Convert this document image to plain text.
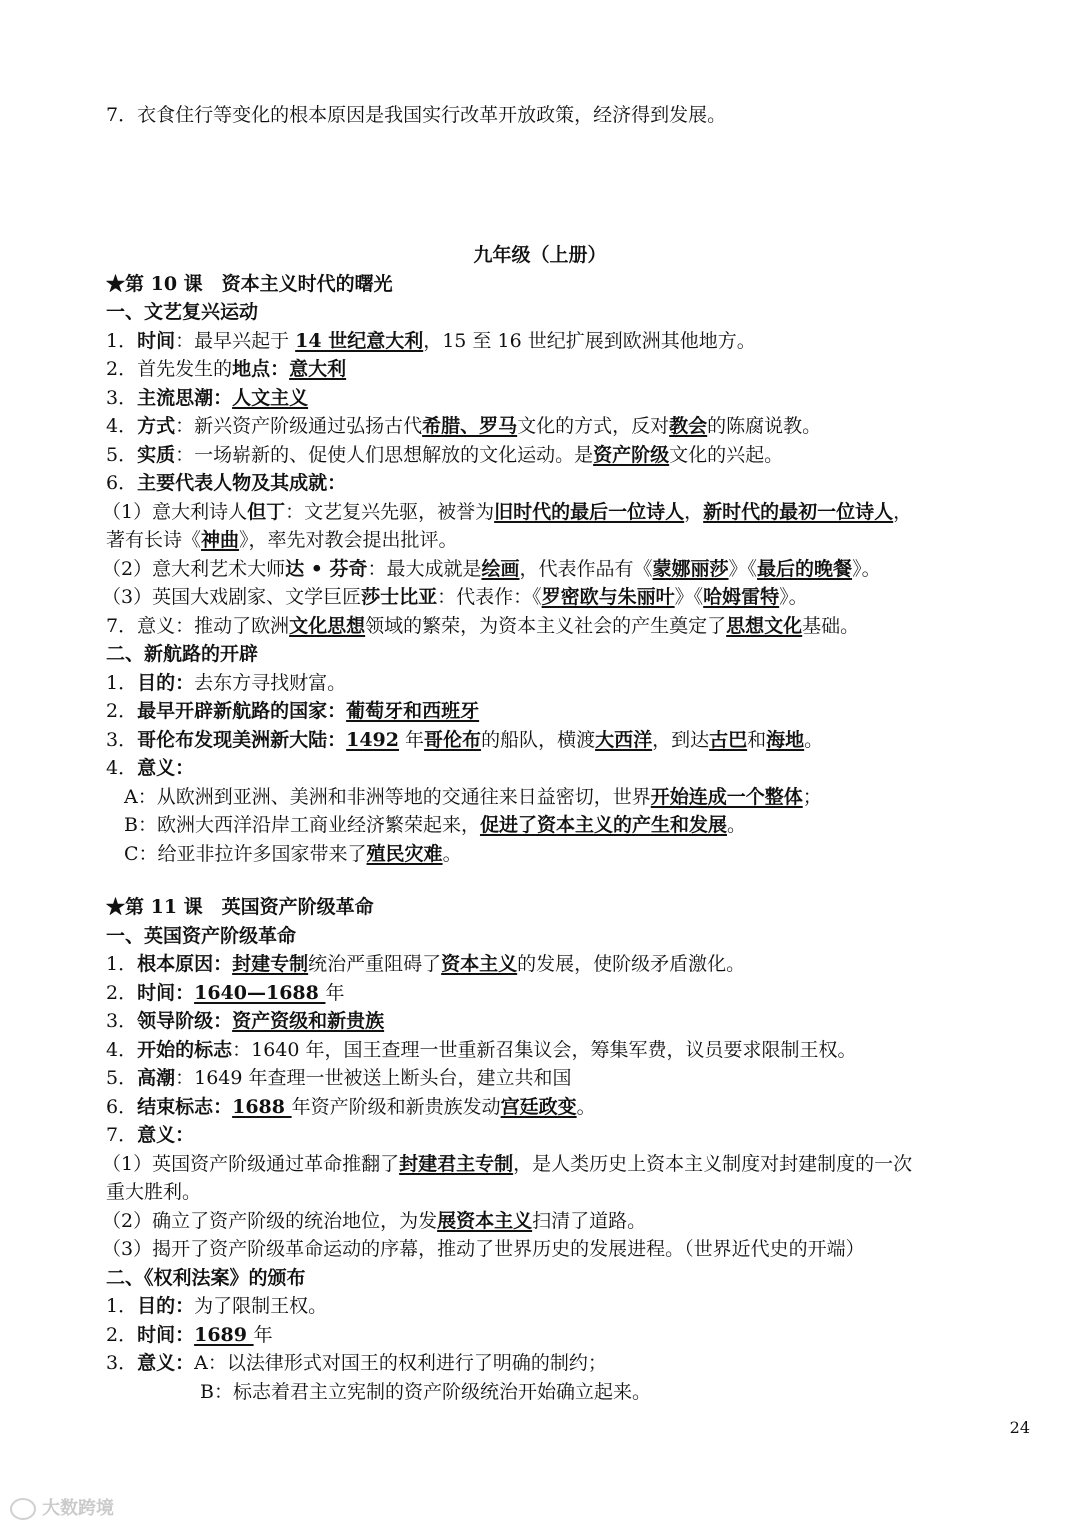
7．衣食住行等变化的根本原因是我国实行改革开放政策，经济得到发展。
九年级（上册）
★第 10 课　资本主义时代的曙光
一、文艺复兴运动
1．时间：最早兴起于 14 世纪意大利，15 至 16 世纪扩展到欧洲其他地方。
2．首先发生的地点：意大利
3．主流思潮：人文主义
4．方式：新兴资产阶级通过弘扬古代希腊、罗马文化的方式，反对教会的陈腐说教。
5．实质：一场崭新的、促使人们思想解放的文化运动。是资产阶级文化的兴起。
6．主要代表人物及其成就：
（1）意大利诗人但丁：文艺复兴先驱，被誉为旧时代的最后一位诗人，新时代的最初一位诗人，
著有长诗《神曲》，率先对教会提出批评。
（2）意大利艺术大师达 • 芬奇：最大成就是绘画，代表作品有《蒙娜丽莎》《最后的晚餐》。
（3）英国大戏剧家、文学巨匠莎士比亚：代表作：《罗密欧与朱丽叶》《哈姆雷特》。
7．意义：推动了欧洲文化思想领域的繁荣，为资本主义社会的产生奠定了思想文化基础。
二、新航路的开辟
1．目的：去东方寻找财富。
2．最早开辟新航路的国家：葡萄牙和西班牙
3．哥伦布发现美洲新大陆：1492 年哥伦布的船队，横渡大西洋，到达古巴和海地。
4．意义：
A：从欧洲到亚洲、美洲和非洲等地的交通往来日益密切，世界开始连成一个整体；
B：欧洲大西洋沿岸工商业经济繁荣起来，促进了资本主义的产生和发展。
C：给亚非拉许多国家带来了殖民灾难。
★第 11 课　英国资产阶级革命
一、英国资产阶级革命
1．根本原因：封建专制统治严重阻碍了资本主义的发展，使阶级矛盾激化。
2．时间：1640—1688 年
3．领导阶级：资产资级和新贵族
4．开始的标志：1640 年，国王查理一世重新召集议会，筹集军费，议员要求限制王权。
5．高潮：1649 年查理一世被送上断头台，建立共和国
6．结束标志：1688 年资产阶级和新贵族发动宫廷政变。
7．意义：
（1）英国资产阶级通过革命推翻了封建君主专制，是人类历史上资本主义制度对封建制度的一次
重大胜利。
（2）确立了资产阶级的统治地位，为发展资本主义扫清了道路。
（3）揭开了资产阶级革命运动的序幕，推动了世界历史的发展进程。（世界近代史的开端）
二、《权利法案》的颁布
1．目的：为了限制王权。
2．时间：1689 年
3．意义：A：以法律形式对国王的权利进行了明确的制约；
B：标志着君主立宪制的资产阶级统治开始确立起来。
24
大数跨境
